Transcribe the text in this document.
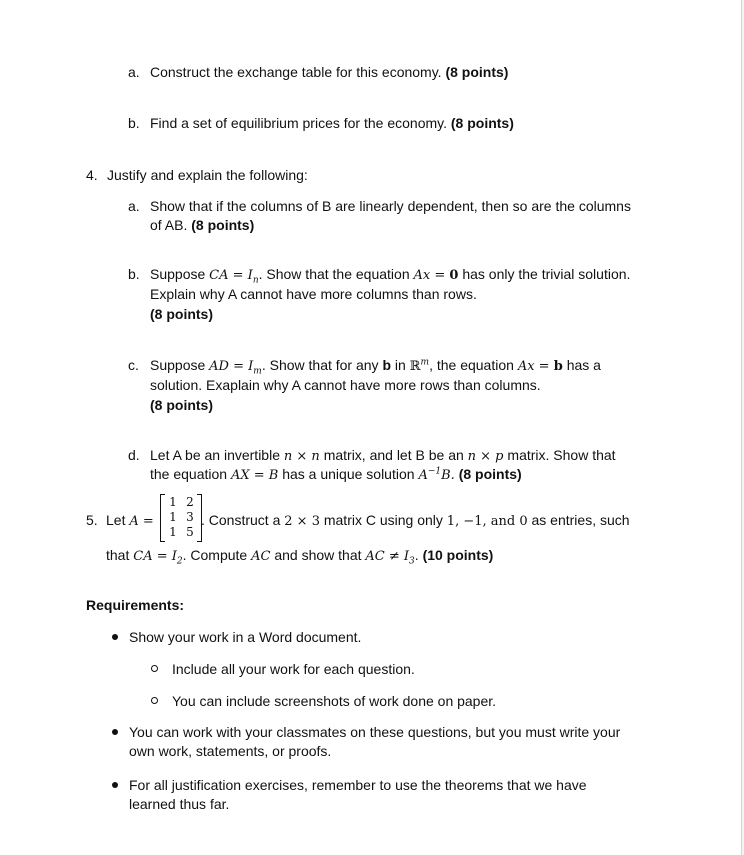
a. Construct the exchange table for this economy. (8 points)
b. Find a set of equilibrium prices for the economy. (8 points)
4. Justify and explain the following:
a. Show that if the columns of B are linearly dependent, then so are the columns
of AB. (8 points)
b. Suppose CA = $I_n$. Show that the equation Ax = 0 has only the trivial solution.
Explain why A cannot have more columns than rows.
(8 points)
c. Suppose AD = $I_m$. Show that for any b in ℝ$^m$, the equation Ax = b has a
solution. Exaplain why A cannot have more rows than columns.
(8 points)
d. Let A be an invertible n × n matrix, and let B be an n × p matrix. Show that
the equation AX = B has a unique solution $A^{-1}B$. (8 points)
5. Let A =
1 2
1 3
1 5
. Construct a 2 × 3 matrix C using only 1, −1, and 0 as entries, such
that CA = $I_2$. Compute AC and show that AC ≠ $I_3$. (10 points)
Requirements:
Show your work in a Word document.
Include all your work for each question.
You can include screenshots of work done on paper.
You can work with your classmates on these questions, but you must write your
own work, statements, or proofs.
For all justification exercises, remember to use the theorems that we have
learned thus far.
